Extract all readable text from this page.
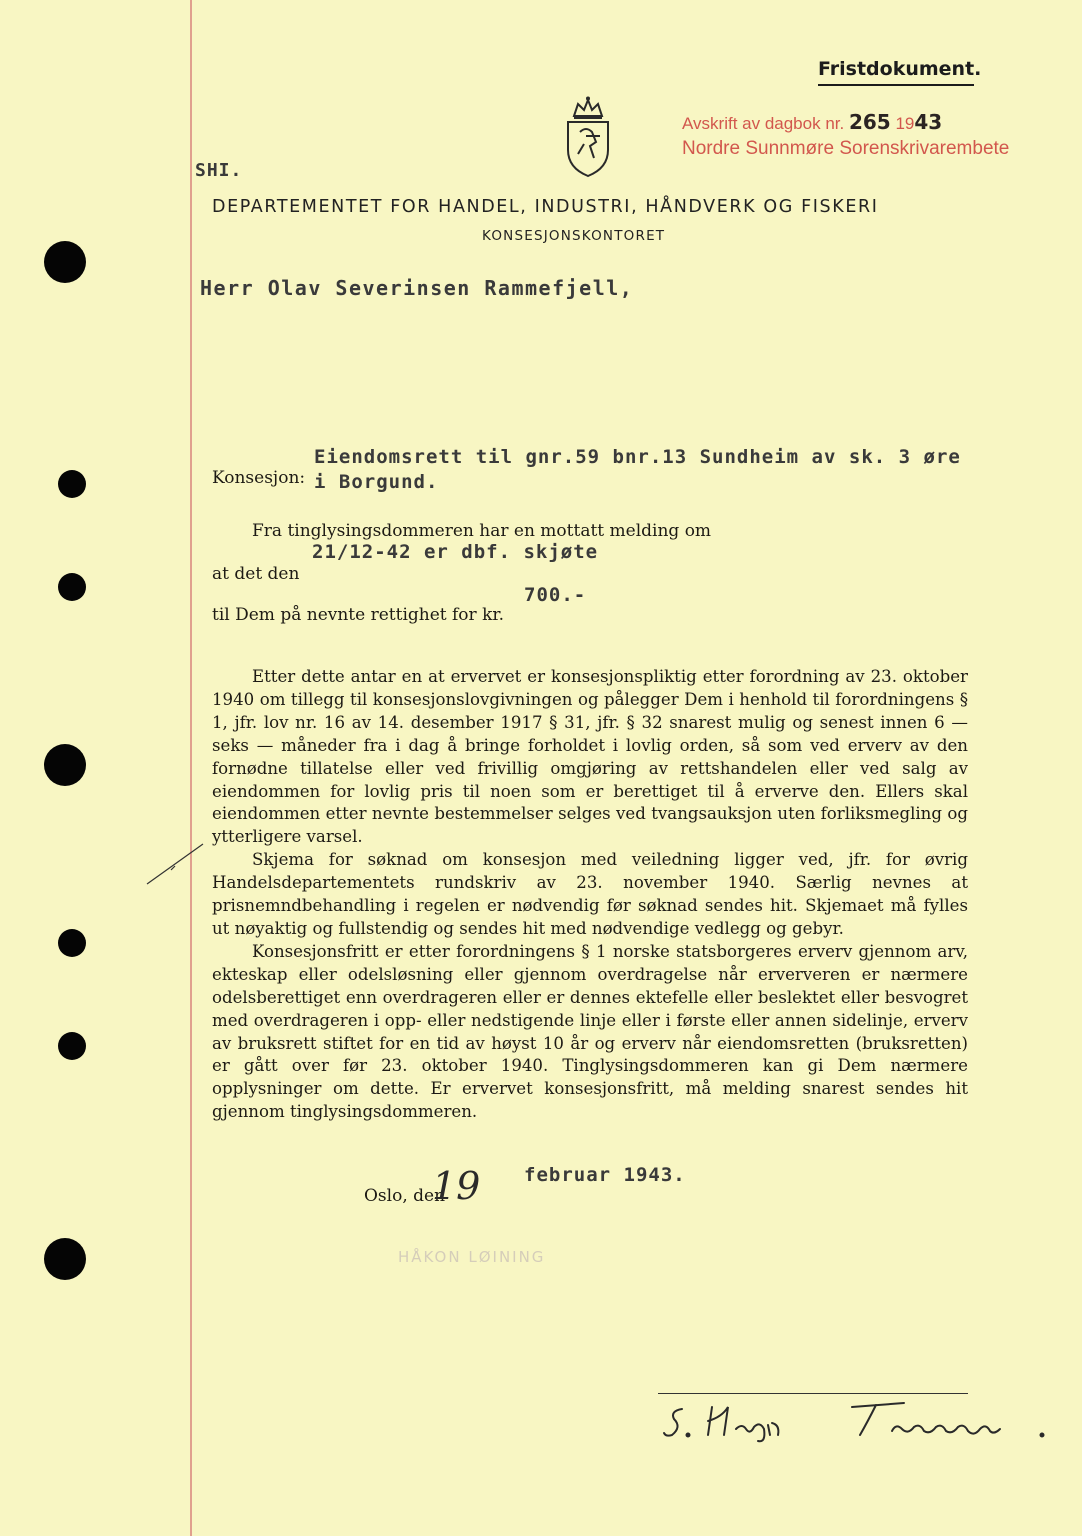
Fristdokument.
Avskrift av dagbok nr. 265 1943
Nordre Sunnmøre Sorenskrivarembete
SHI.
DEPARTEMENTET FOR HANDEL, INDUSTRI, HÅNDVERK OG FISKERI
KONSESJONSKONTORET
Herr Olav Severinsen Rammefjell,
Konsesjon:
Eiendomsrett til gnr.59 bnr.13 Sundheim av sk. 3 øre
i Borgund.
Fra tinglysingsdommeren har en mottatt melding om
21/12-42 er dbf. skjøte
at det den
700.-
til Dem på nevnte rettighet for kr.

Etter dette antar en at ervervet er konsesjonspliktig etter forordning av 23. oktober 1940 om tillegg til konsesjonslovgivningen og pålegger Dem i henhold til forordningens § 1, jfr. lov nr. 16 av 14. desember 1917 § 31, jfr. § 32 snarest mulig og senest innen 6 — seks — måneder fra i dag å bringe forholdet i lovlig orden, så som ved erverv av den fornødne tillatelse eller ved frivillig omgjøring av rettshandelen eller ved salg av eiendommen for lovlig pris til noen som er berettiget til å erverve den. Ellers skal eiendommen etter nevnte bestemmelser selges ved tvangsauksjon uten forliksmegling og ytterligere varsel.

Skjema for søknad om konsesjon med veiledning ligger ved, jfr. for øvrig Handelsdepartementets rundskriv av 23. november 1940. Særlig nevnes at prisnemndbehandling i regelen er nødvendig før søknad sendes hit. Skjemaet må fylles ut nøyaktig og fullstendig og sendes hit med nødvendige vedlegg og gebyr.

Konsesjonsfritt er etter forordningens § 1 norske statsborgeres erverv gjennom arv, ekteskap eller odelsløsning eller gjennom overdragelse når erververen er nærmere odelsberettiget enn overdrageren eller er dennes ektefelle eller beslektet eller besvogret med overdrageren i opp- eller nedstigende linje eller i første eller annen sidelinje, erverv av bruksrett stiftet for en tid av høyst 10 år og erverv når eiendomsretten (bruksretten) er gått over før 23. oktober 1940. Tinglysingsdommeren kan gi Dem nærmere opplysninger om dette. Er ervervet konsesjonsfritt, må melding snarest sendes hit gjennom tinglysingsdommeren.

Oslo, den
19 februar 1943.
HÅKON LØINING
